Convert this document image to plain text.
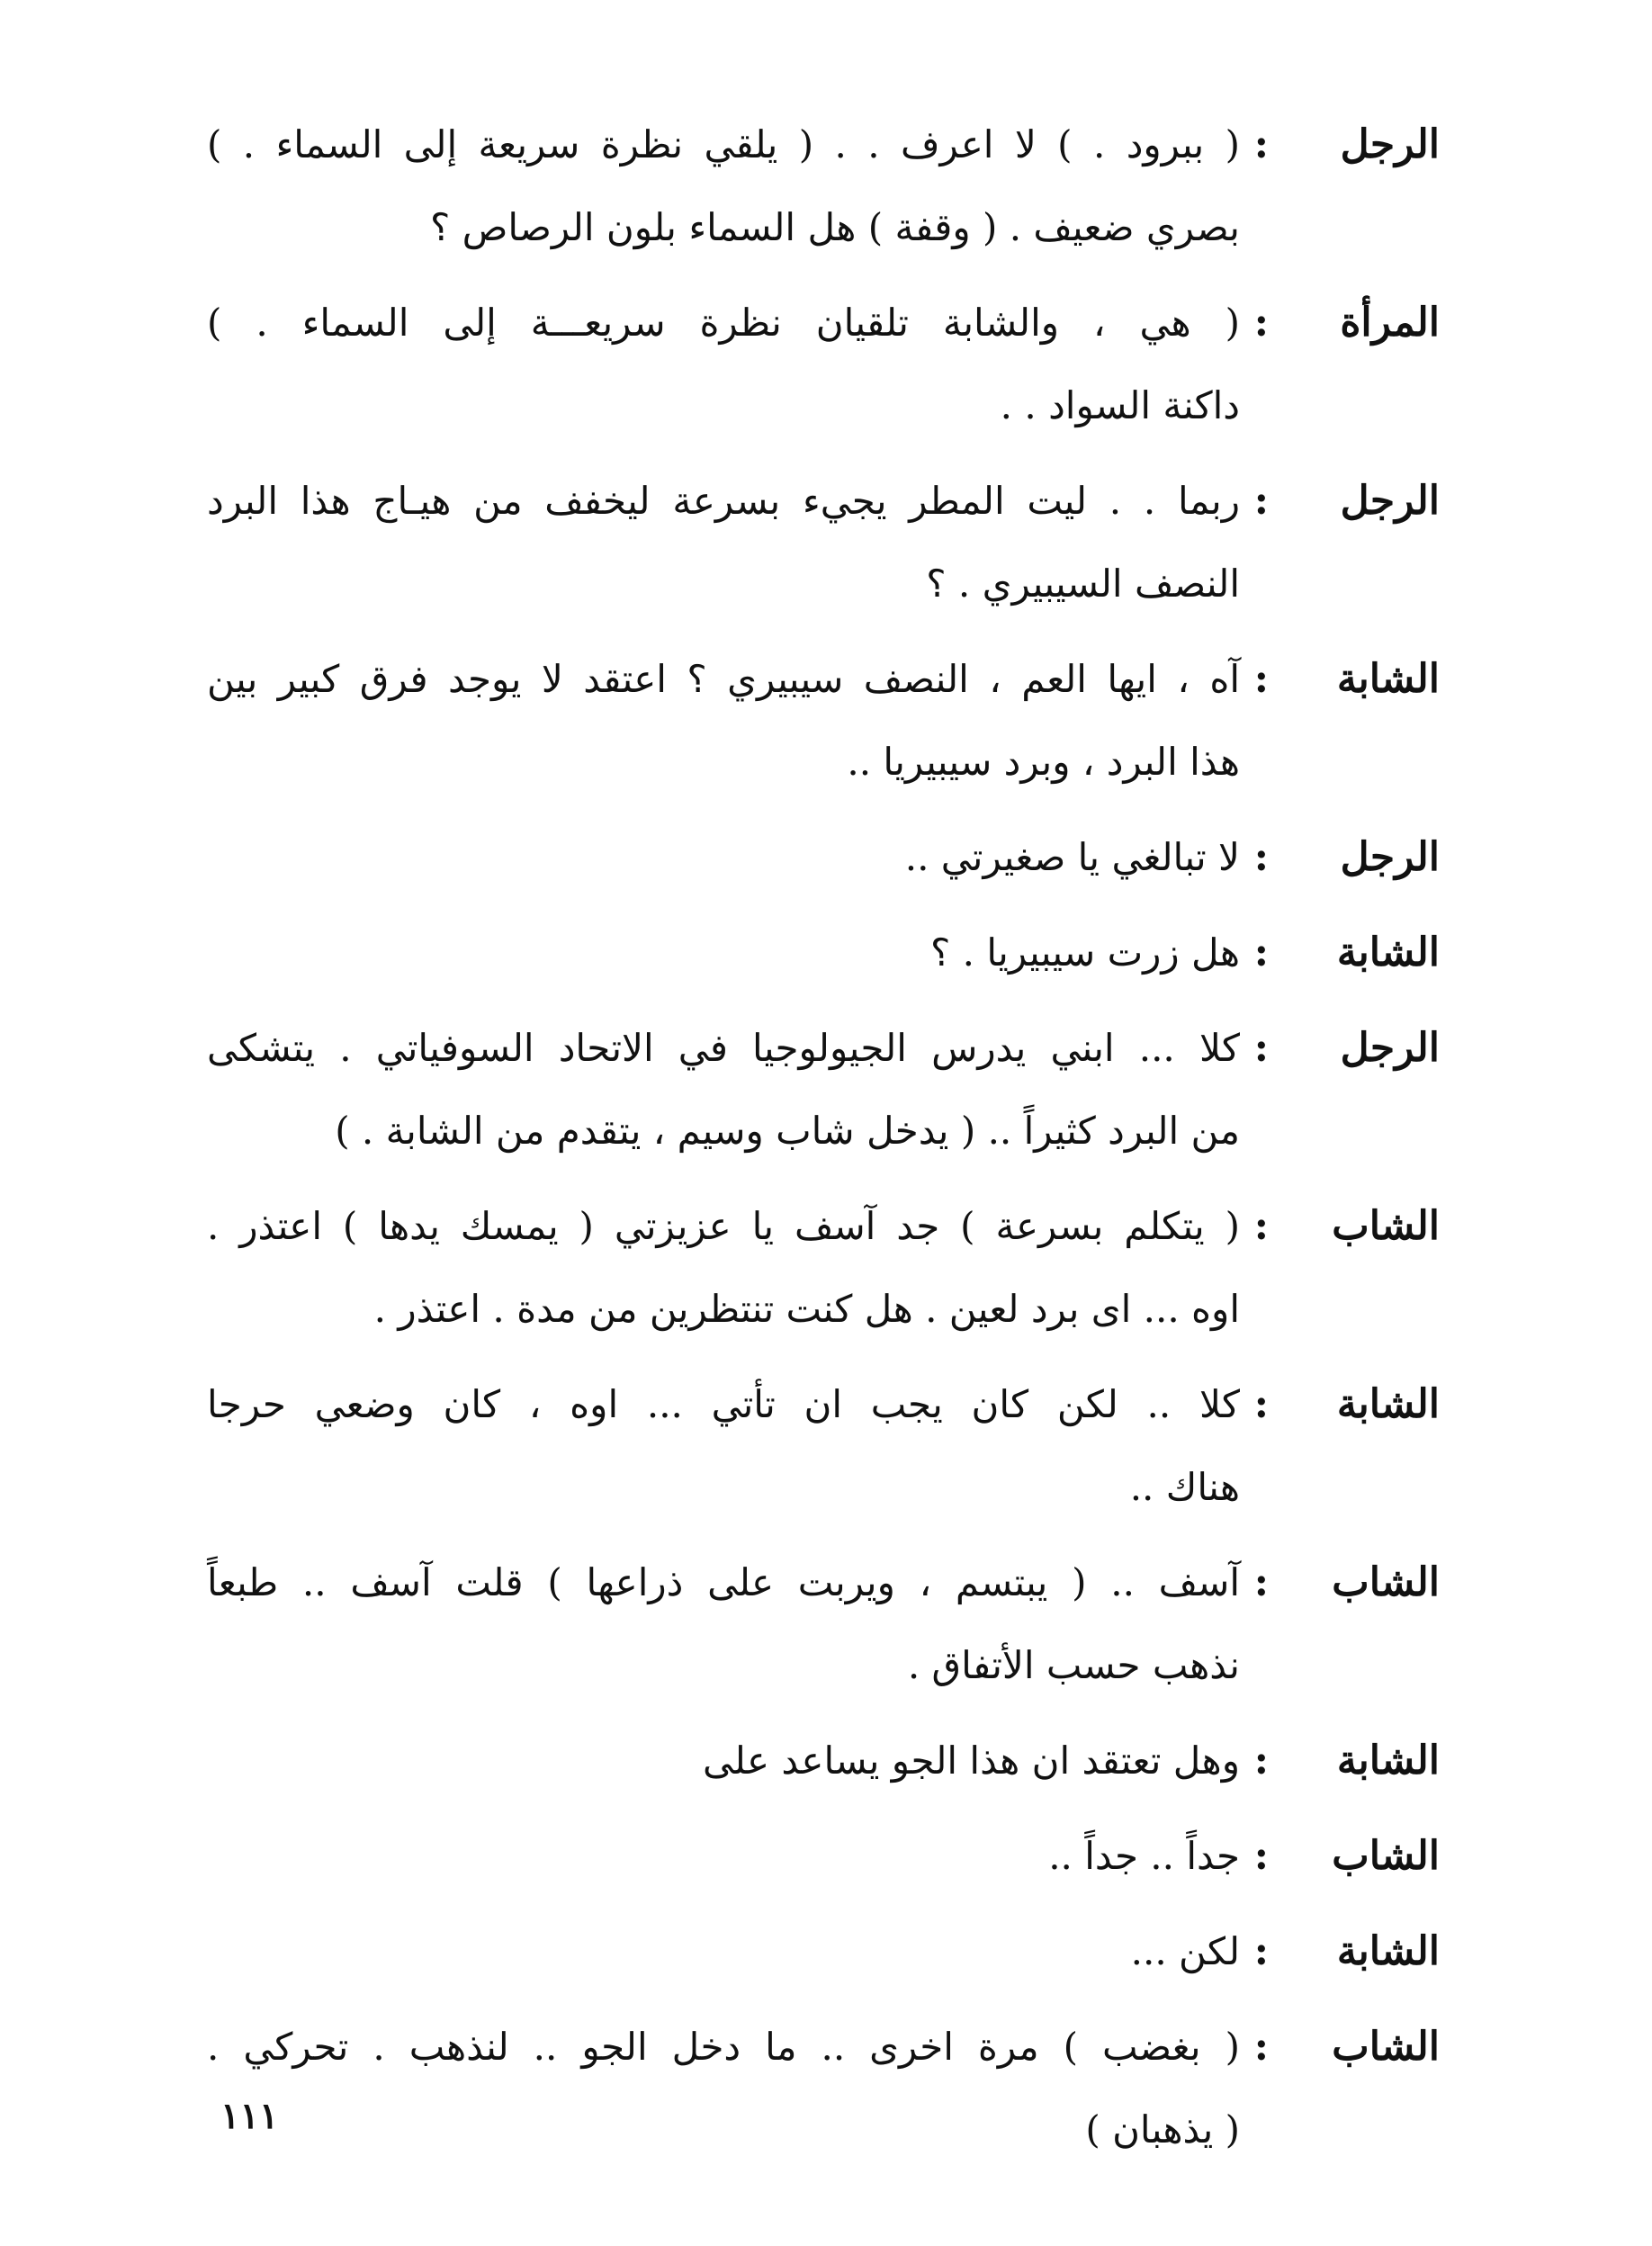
الرجل
:
( ببرود . ) لا اعرف . . ( يلقي نظرة سريعة إلى السماء . )
بصري ضعيف . ( وقفة ) هل السماء بلون الرصاص ؟
المرأة
:
( هي ، والشابة تلقيان نظرة سريعـــة إلى السماء . )
داكنة السواد . .
الرجل
:
ربما . . ليت المطر يجيء بسرعة ليخفف من هيـاج هذا البرد
النصف السيبيري . ؟
الشابة
:
آه ، ايها العم ، النصف سيبيري ؟ اعتقد لا يوجد فرق كبير بين
هذا البرد ، وبرد سيبيريا ..
الرجل
:
لا تبالغي يا صغيرتي ..
الشابة
:
هل زرت سيبيريا . ؟
الرجل
:
كلا ... ابني يدرس الجيولوجيا في الاتحاد السوفياتي . يتشكى
من البرد كثيراً .. ( يدخل شاب وسيم ، يتقدم من الشابة . )
الشاب
:
( يتكلم بسرعة ) جد آسف يا عزيزتي ( يمسك يدها ) اعتذر .
اوه ... اى برد لعين . هل كنت تنتظرين من مدة . اعتذر .
الشابة
:
كلا .. لكن كان يجب ان تأتي ... اوه ، كان وضعي حرجا
هناك ..
الشاب
:
آسف .. ( يبتسم ، ويربت على ذراعها ) قلت آسف .. طبعاً
نذهب حسب الأتفاق .
الشابة
:
وهل تعتقد ان هذا الجو يساعد على
الشاب
:
جداً .. جداً ..
الشابة
:
لكن ...
الشاب
:
( بغضب ) مرة اخرى .. ما دخل الجو .. لنذهب . تحركي .
( يذهبان )
١١١
